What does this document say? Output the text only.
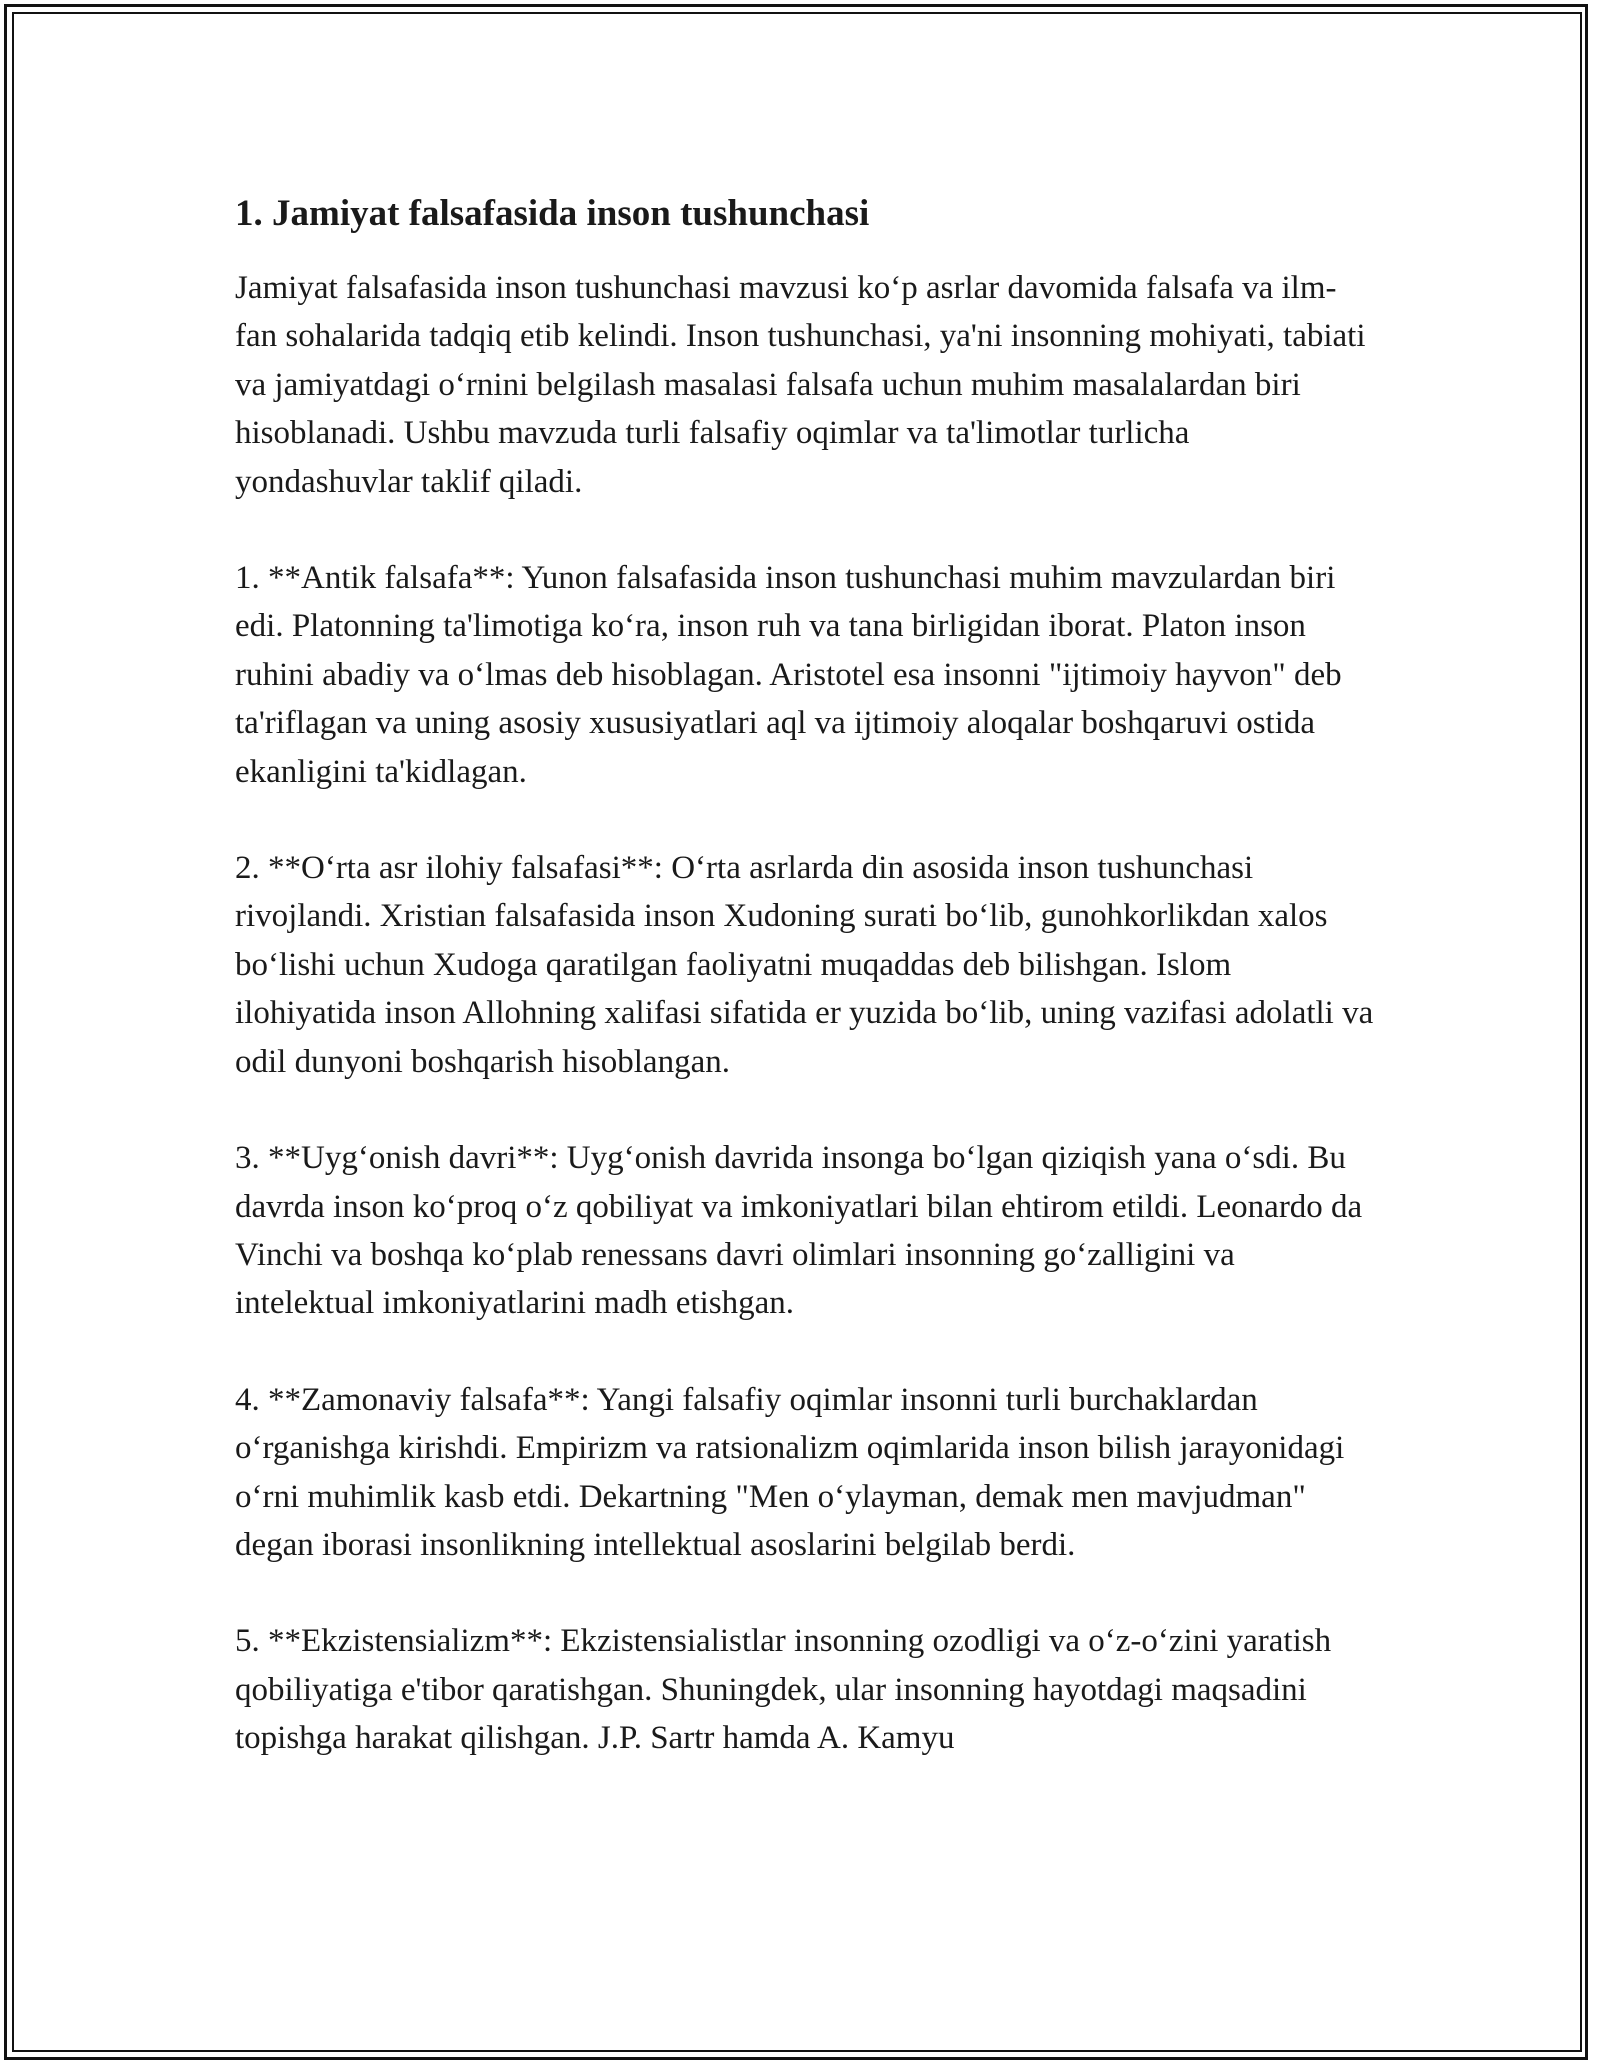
1. Jamiyat falsafasida inson tushunchasi

Jamiyat falsafasida inson tushunchasi mavzusi ko‘p asrlar davomida falsafa va ilm-fan sohalarida tadqiq etib kelindi. Inson tushunchasi, ya'ni insonning mohiyati, tabiati va jamiyatdagi o‘rnini belgilash masalasi falsafa uchun muhim masalalardan biri hisoblanadi. Ushbu mavzuda turli falsafiy oqimlar va ta'limotlar turlicha yondashuvlar taklif qiladi.

1. **Antik falsafa**: Yunon falsafasida inson tushunchasi muhim mavzulardan biri edi. Platonning ta'limotiga ko‘ra, inson ruh va tana birligidan iborat. Platon inson ruhini abadiy va o‘lmas deb hisoblagan. Aristotel esa insonni "ijtimoiy hayvon" deb ta'riflagan va uning asosiy xususiyatlari aql va ijtimoiy aloqalar boshqaruvi ostida ekanligini ta'kidlagan.

2. **O‘rta asr ilohiy falsafasi**: O‘rta asrlarda din asosida inson tushunchasi rivojlandi. Xristian falsafasida inson Xudoning surati bo‘lib, gunohkorlikdan xalos bo‘lishi uchun Xudoga qaratilgan faoliyatni muqaddas deb bilishgan. Islom ilohiyatida inson Allohning xalifasi sifatida er yuzida bo‘lib, uning vazifasi adolatli va odil dunyoni boshqarish hisoblangan.

3. **Uyg‘onish davri**: Uyg‘onish davrida insonga bo‘lgan qiziqish yana o‘sdi. Bu davrda inson ko‘proq o‘z qobiliyat va imkoniyatlari bilan ehtirom etildi. Leonardo da Vinchi va boshqa ko‘plab renessans davri olimlari insonning go‘zalligini va intelektual imkoniyatlarini madh etishgan.

4. **Zamonaviy falsafa**: Yangi falsafiy oqimlar insonni turli burchaklardan o‘rganishga kirishdi. Empirizm va ratsionalizm oqimlarida inson bilish jarayonidagi o‘rni muhimlik kasb etdi. Dekartning "Men o‘ylayman, demak men mavjudman" degan iborasi insonlikning intellektual asoslarini belgilab berdi.

5. **Ekzistensializm**: Ekzistensialistlar insonning ozodligi va o‘z-o‘zini yaratish qobiliyatiga e'tibor qaratishgan. Shuningdek, ular insonning hayotdagi maqsadini topishga harakat qilishgan. J.P. Sartr hamda A. Kamyu
